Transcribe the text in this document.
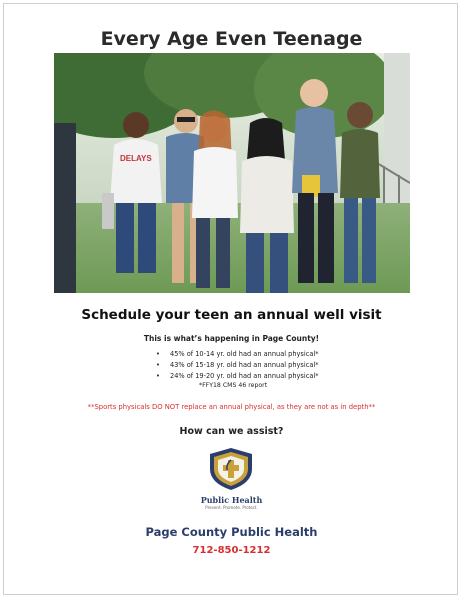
Every Age Even Teenage
DELAYS
Schedule your teen an annual well visit
This is what’s happening in Page County!
• 45% of 10-14 yr. old had an annual physical*
• 43% of 15-18 yr. old had an annual physical*
• 24% of 19-20 yr. old had an annual physical*
*FFY18 CMS 46 report
**Sports physicals DO NOT replace an annual physical, as they are not as in depth**
How can we assist?
Public Health
Prevent. Promote. Protect.
Page County Public Health
712-850-1212
